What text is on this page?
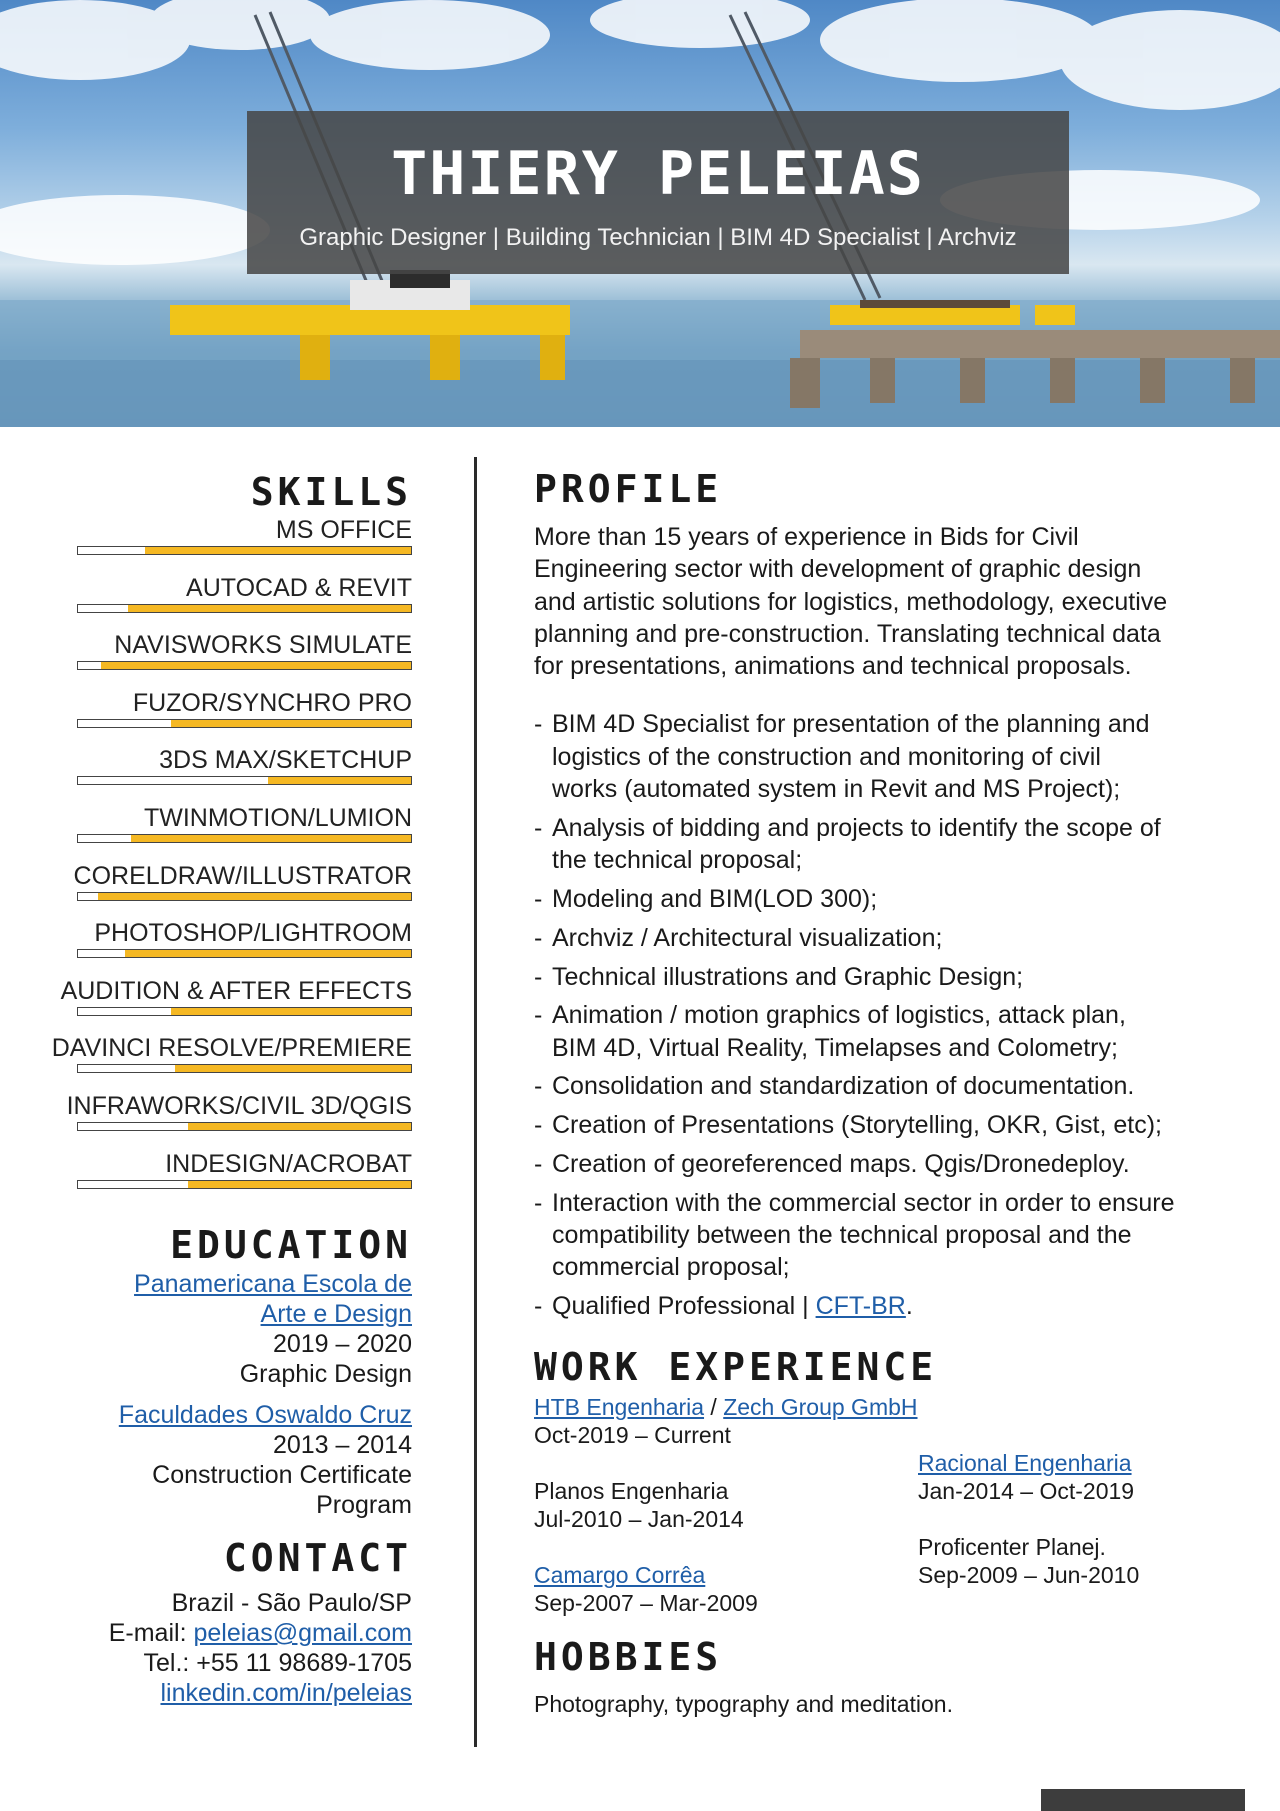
THIERY PELEIAS
Graphic Designer | Building Technician | BIM 4D Specialist | Archviz
SKILLS
MS OFFICE
AUTOCAD & REVIT
NAVISWORKS SIMULATE
FUZOR/SYNCHRO PRO
3DS MAX/SKETCHUP
TWINMOTION/LUMION
CORELDRAW/ILLUSTRATOR
PHOTOSHOP/LIGHTROOM
AUDITION & AFTER EFFECTS
DAVINCI RESOLVE/PREMIERE
INFRAWORKS/CIVIL 3D/QGIS
INDESIGN/ACROBAT
EDUCATION
Panamericana Escola de
Arte e Design
2019 – 2020
Graphic Design
Faculdades Oswaldo Cruz
2013 – 2014
Construction Certificate
Program
CONTACT
Brazil - São Paulo/SP
E-mail: peleias@gmail.com
Tel.: +55 11 98689-1705
linkedin.com/in/peleias
PROFILE
More than 15 years of experience in Bids for Civil
Engineering sector with development of graphic design
and artistic solutions for logistics, methodology, executive
planning and pre-construction. Translating technical data
for presentations, animations and technical proposals.
- BIM 4D Specialist for presentation of the planning and
logistics of the construction and monitoring of civil
works (automated system in Revit and MS Project);
- Analysis of bidding and projects to identify the scope of
the technical proposal;
- Modeling and BIM(LOD 300);
- Archviz / Architectural visualization;
- Technical illustrations and Graphic Design;
- Animation / motion graphics of logistics, attack plan,
BIM 4D, Virtual Reality, Timelapses and Colometry;
- Consolidation and standardization of documentation.
- Creation of Presentations (Storytelling, OKR, Gist, etc);
- Creation of georeferenced maps. Qgis/Dronedeploy.
- Interaction with the commercial sector in order to ensure
compatibility between the technical proposal and the
commercial proposal;
- Qualified Professional | CFT-BR.
WORK EXPERIENCE
HTB Engenharia / Zech Group GmbH
Oct-2019 – Current
Planos Engenharia
Jul-2010 – Jan-2014
Camargo Corrêa
Sep-2007 – Mar-2009
Racional Engenharia
Jan-2014 – Oct-2019
Proficenter Planej.
Sep-2009 – Jun-2010
HOBBIES
Photography, typography and meditation.
